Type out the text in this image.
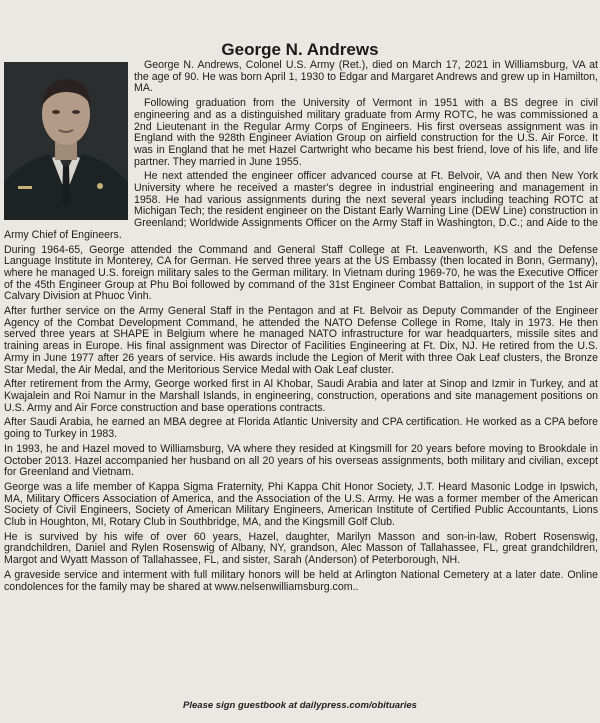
George N. Andrews

George N. Andrews, Colonel U.S. Army (Ret.), died on March 17, 2021 in Williamsburg, VA at the age of 90. He was born April 1, 1930 to Edgar and Margaret Andrews and grew up in Hamilton, MA.

Following graduation from the University of Vermont in 1951 with a BS degree in civil engineering and as a distinguished military graduate from Army ROTC, he was commissioned a 2nd Lieutenant in the Regular Army Corps of Engineers. His first overseas assignment was in England with the 928th Engineer Aviation Group on airfield construction for the U.S. Air Force. It was in England that he met Hazel Cartwright who became his best friend, love of his life, and life partner. They married in June 1955.

He next attended the engineer officer advanced course at Ft. Belvoir, VA and then New York University where he received a master's degree in industrial engineering and management in 1958. He had various assignments during the next several years including teaching ROTC at Michigan Tech; the resident engineer on the Distant Early Warning Line (DEW Line) construction in Greenland; Worldwide Assignments Officer on the Army Staff in Washington, D.C.; and Aide to the Army Chief of Engineers.

During 1964-65, George attended the Command and General Staff College at Ft. Leavenworth, KS and the Defense Language Institute in Monterey, CA for German. He served three years at the US Embassy (then located in Bonn, Germany), where he managed U.S. foreign military sales to the German military. In Vietnam during 1969-70, he was the Executive Officer of the 45th Engineer Group at Phu Boi followed by command of the 31st Engineer Combat Battalion, in support of the 1st Air Calvary Division at Phuoc Vinh.

After further service on the Army General Staff in the Pentagon and at Ft. Belvoir as Deputy Commander of the Engineer Agency of the Combat Development Command, he attended the NATO Defense College in Rome, Italy in 1973. He then served three years at SHAPE in Belgium where he managed NATO infrastructure for war headquarters, missile sites and training areas in Europe. His final assignment was Director of Facilities Engineering at Ft. Dix, NJ. He retired from the U.S. Army in June 1977 after 26 years of service. His awards include the Legion of Merit with three Oak Leaf clusters, the Bronze Star Medal, the Air Medal, and the Meritorious Service Medal with Oak Leaf cluster.

After retirement from the Army, George worked first in Al Khobar, Saudi Arabia and later at Sinop and Izmir in Turkey, and at Kwajalein and Roi Namur in the Marshall Islands, in engineering, construction, operations and site management positions on U.S. Army and Air Force construction and base operations contracts.

After Saudi Arabia, he earned an MBA degree at Florida Atlantic University and CPA certification. He worked as a CPA before going to Turkey in 1983.

In 1993, he and Hazel moved to Williamsburg, VA where they resided at Kingsmill for 20 years before moving to Brookdale in October 2013. Hazel accompanied her husband on all 20 years of his overseas assignments, both military and civilian, except for Greenland and Vietnam.

George was a life member of Kappa Sigma Fraternity, Phi Kappa Chit Honor Society, J.T. Heard Masonic Lodge in Ipswich, MA, Military Officers Association of America, and the Association of the U.S. Army. He was a former member of the American Society of Civil Engineers, Society of American Military Engineers, American Institute of Certified Public Accountants, Lions Club in Houghton, MI, Rotary Club in Southbridge, MA, and the Kingsmill Golf Club.

He is survived by his wife of over 60 years, Hazel, daughter, Marilyn Masson and son-in-law, Robert Rosenswig, grandchildren, Daniel and Rylen Rosenswig of Albany, NY, grandson, Alec Masson of Tallahassee, FL, great grandchildren, Margot and Wyatt Masson of Tallahassee, FL, and sister, Sarah (Anderson) of Peterborough, NH.

A graveside service and interment with full military honors will be held at Arlington National Cemetery at a later date. Online condolences for the family may be shared at www.nelsenwilliamsburg.com..

Please sign guestbook at dailypress.com/obituaries
